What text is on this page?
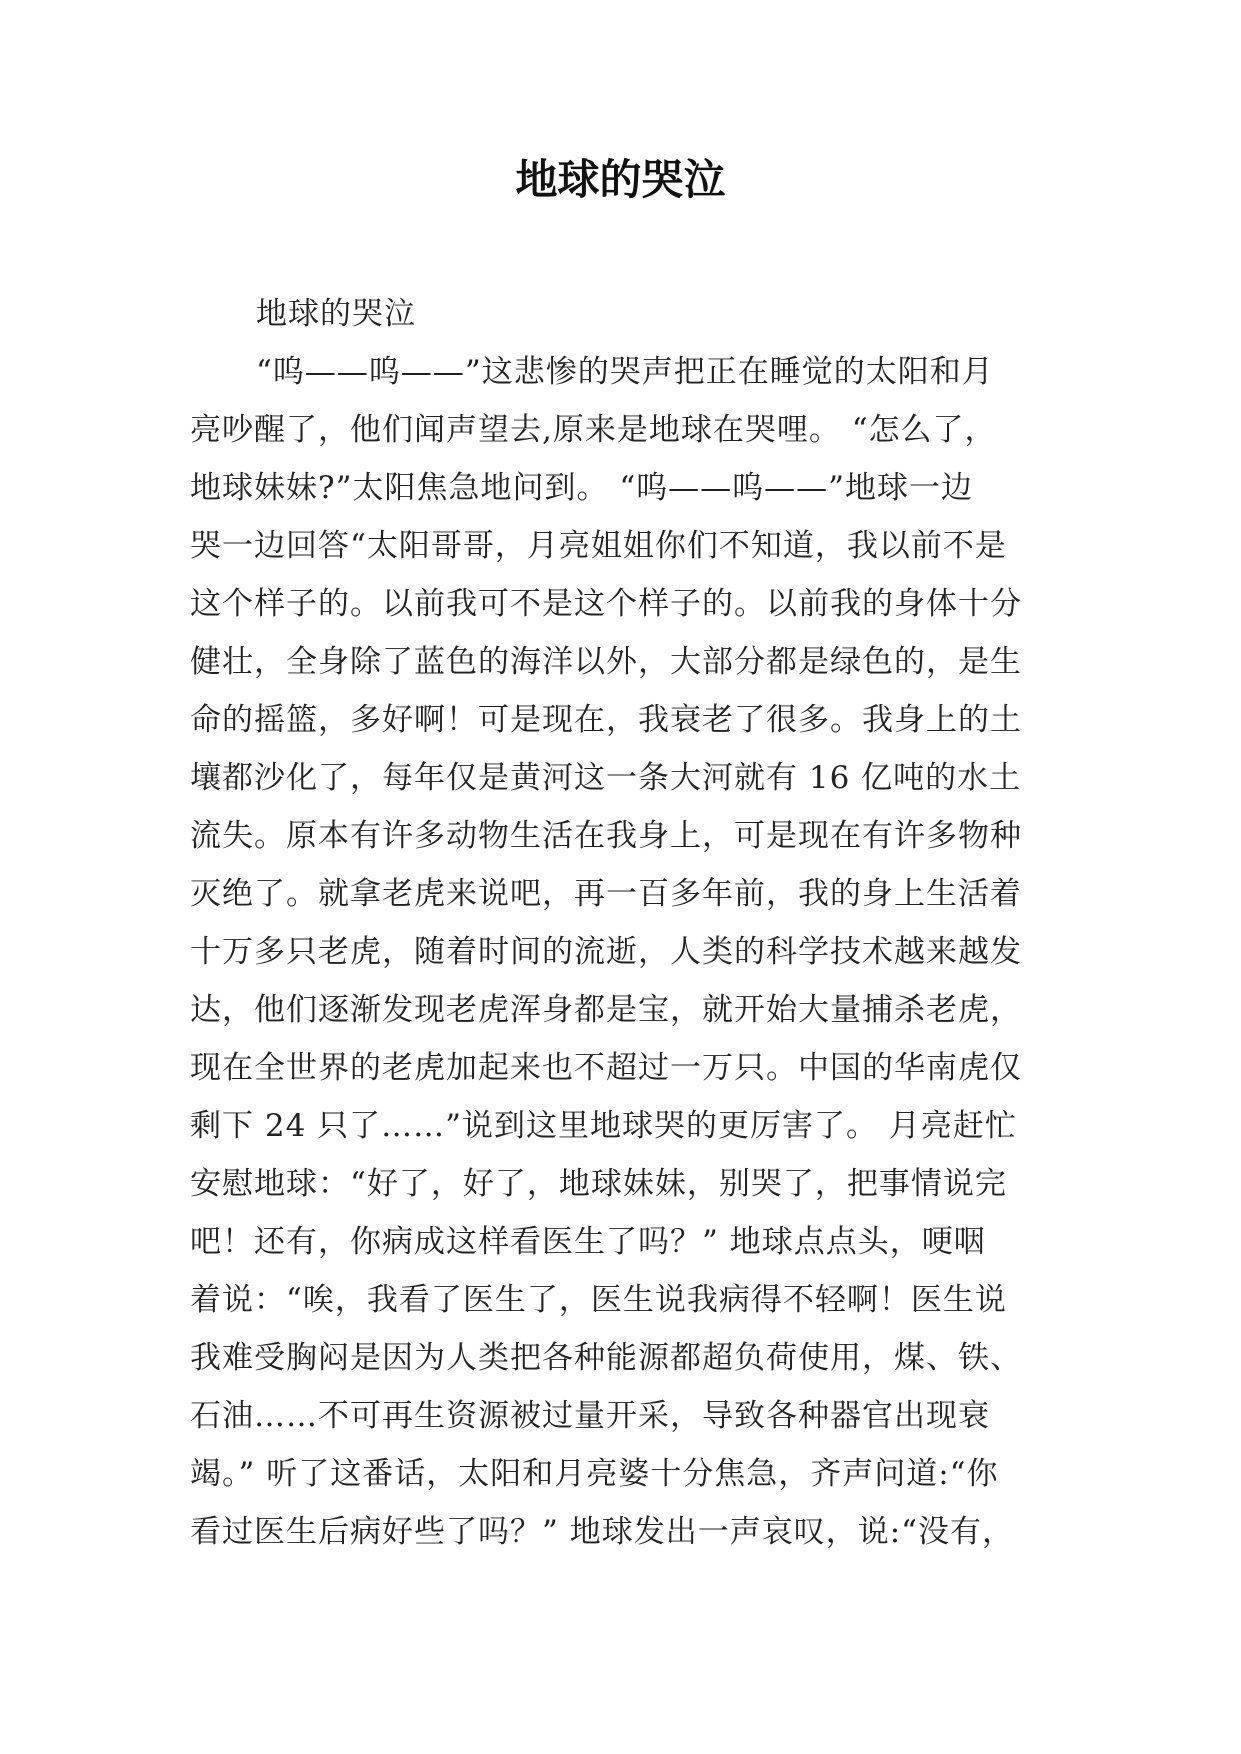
地球的哭泣
地球的哭泣
“呜——呜——”这悲惨的哭声把正在睡觉的太阳和月
亮吵醒了，他们闻声望去,原来是地球在哭哩。 “怎么了，
地球妹妹?”太阳焦急地问到。 “呜——呜——”地球一边
哭一边回答“太阳哥哥，月亮姐姐你们不知道，我以前不是
这个样子的。以前我可不是这个样子的。以前我的身体十分
健壮，全身除了蓝色的海洋以外，大部分都是绿色的，是生
命的摇篮，多好啊！可是现在，我衰老了很多。我身上的土
壤都沙化了，每年仅是黄河这一条大河就有 16 亿吨的水土
流失。原本有许多动物生活在我身上，可是现在有许多物种
灭绝了。就拿老虎来说吧，再一百多年前，我的身上生活着
十万多只老虎，随着时间的流逝，人类的科学技术越来越发
达，他们逐渐发现老虎浑身都是宝，就开始大量捕杀老虎，
现在全世界的老虎加起来也不超过一万只。中国的华南虎仅
剩下 24 只了……”说到这里地球哭的更厉害了。 月亮赶忙
安慰地球：“好了，好了，地球妹妹，别哭了，把事情说完
吧！还有，你病成这样看医生了吗？” 地球点点头，哽咽
着说：“唉，我看了医生了，医生说我病得不轻啊！医生说
我难受胸闷是因为人类把各种能源都超负荷使用，煤、铁、
石油……不可再生资源被过量开采，导致各种器官出现衰
竭。” 听了这番话，太阳和月亮婆十分焦急，齐声问道:“你
看过医生后病好些了吗？” 地球发出一声哀叹，说:“没有，
